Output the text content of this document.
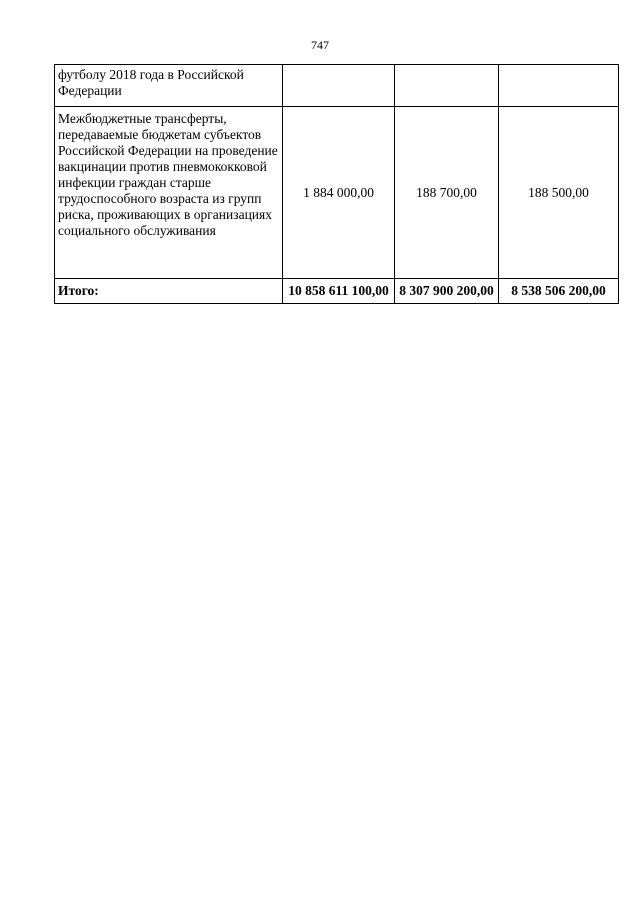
747
футболу 2018 года в Российской Федерации			
Межбюджетные трансферты, передаваемые бюджетам субъектов Российской Федерации на проведение вакцинации против пневмококковой инфекции граждан старше трудоспособного возраста из групп риска, проживающих в организациях социального обслуживания	1 884 000,00	188 700,00	188 500,00
Итого:	10 858 611 100,00	8 307 900 200,00	8 538 506 200,00
